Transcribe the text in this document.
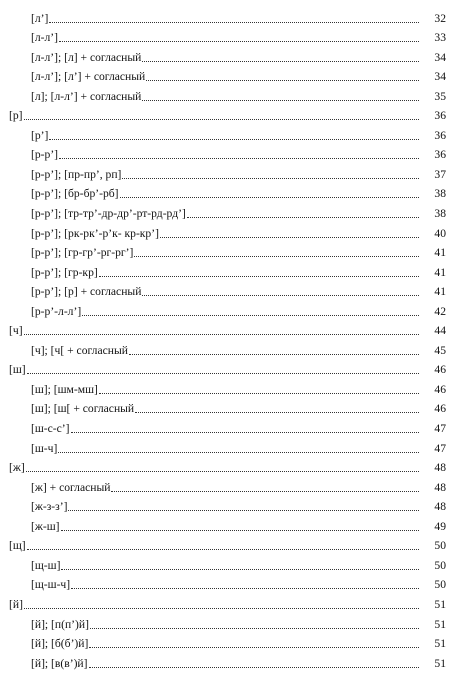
[л’]	32
[л-л’]	33
[л-л’]; [л] + согласный	34
[л-л’]; [л’] + согласный	34
[л]; [л-л’] + согласный	35
[р]	36
[р’]	36
[р-р’]	36
[р-р’]; [пр-пр’, рп]	37
[р-р’]; [бр-бр’-рб]	38
[р-р’]; [тр-тр’-др-др’-рт-рд-рд’]	38
[р-р’]; [рк-рк’-р’к- кр-кр’]	40
[р-р’]; [гр-гр’-рг-рг’]	41
[р-р’]; [гр-кр]	41
[р-р’]; [р] + согласный	41
[р-р’-л-л’]	42
[ч]	44
[ч]; [ч[ + согласный	45
[ш]	46
[ш]; [шм-мш]	46
[ш]; [ш[ + согласный	46
[ш-с-с’]	47
[ш-ч]	47
[ж]	48
[ж] + согласный	48
[ж-з-з’]	48
[ж-ш]	49
[щ]	50
[щ-ш]	50
[щ-ш-ч]	50
[й]	51
[й]; [п(п’)й]	51
[й]; [б(б’)й]	51
[й]; [в(в’)й]	51
